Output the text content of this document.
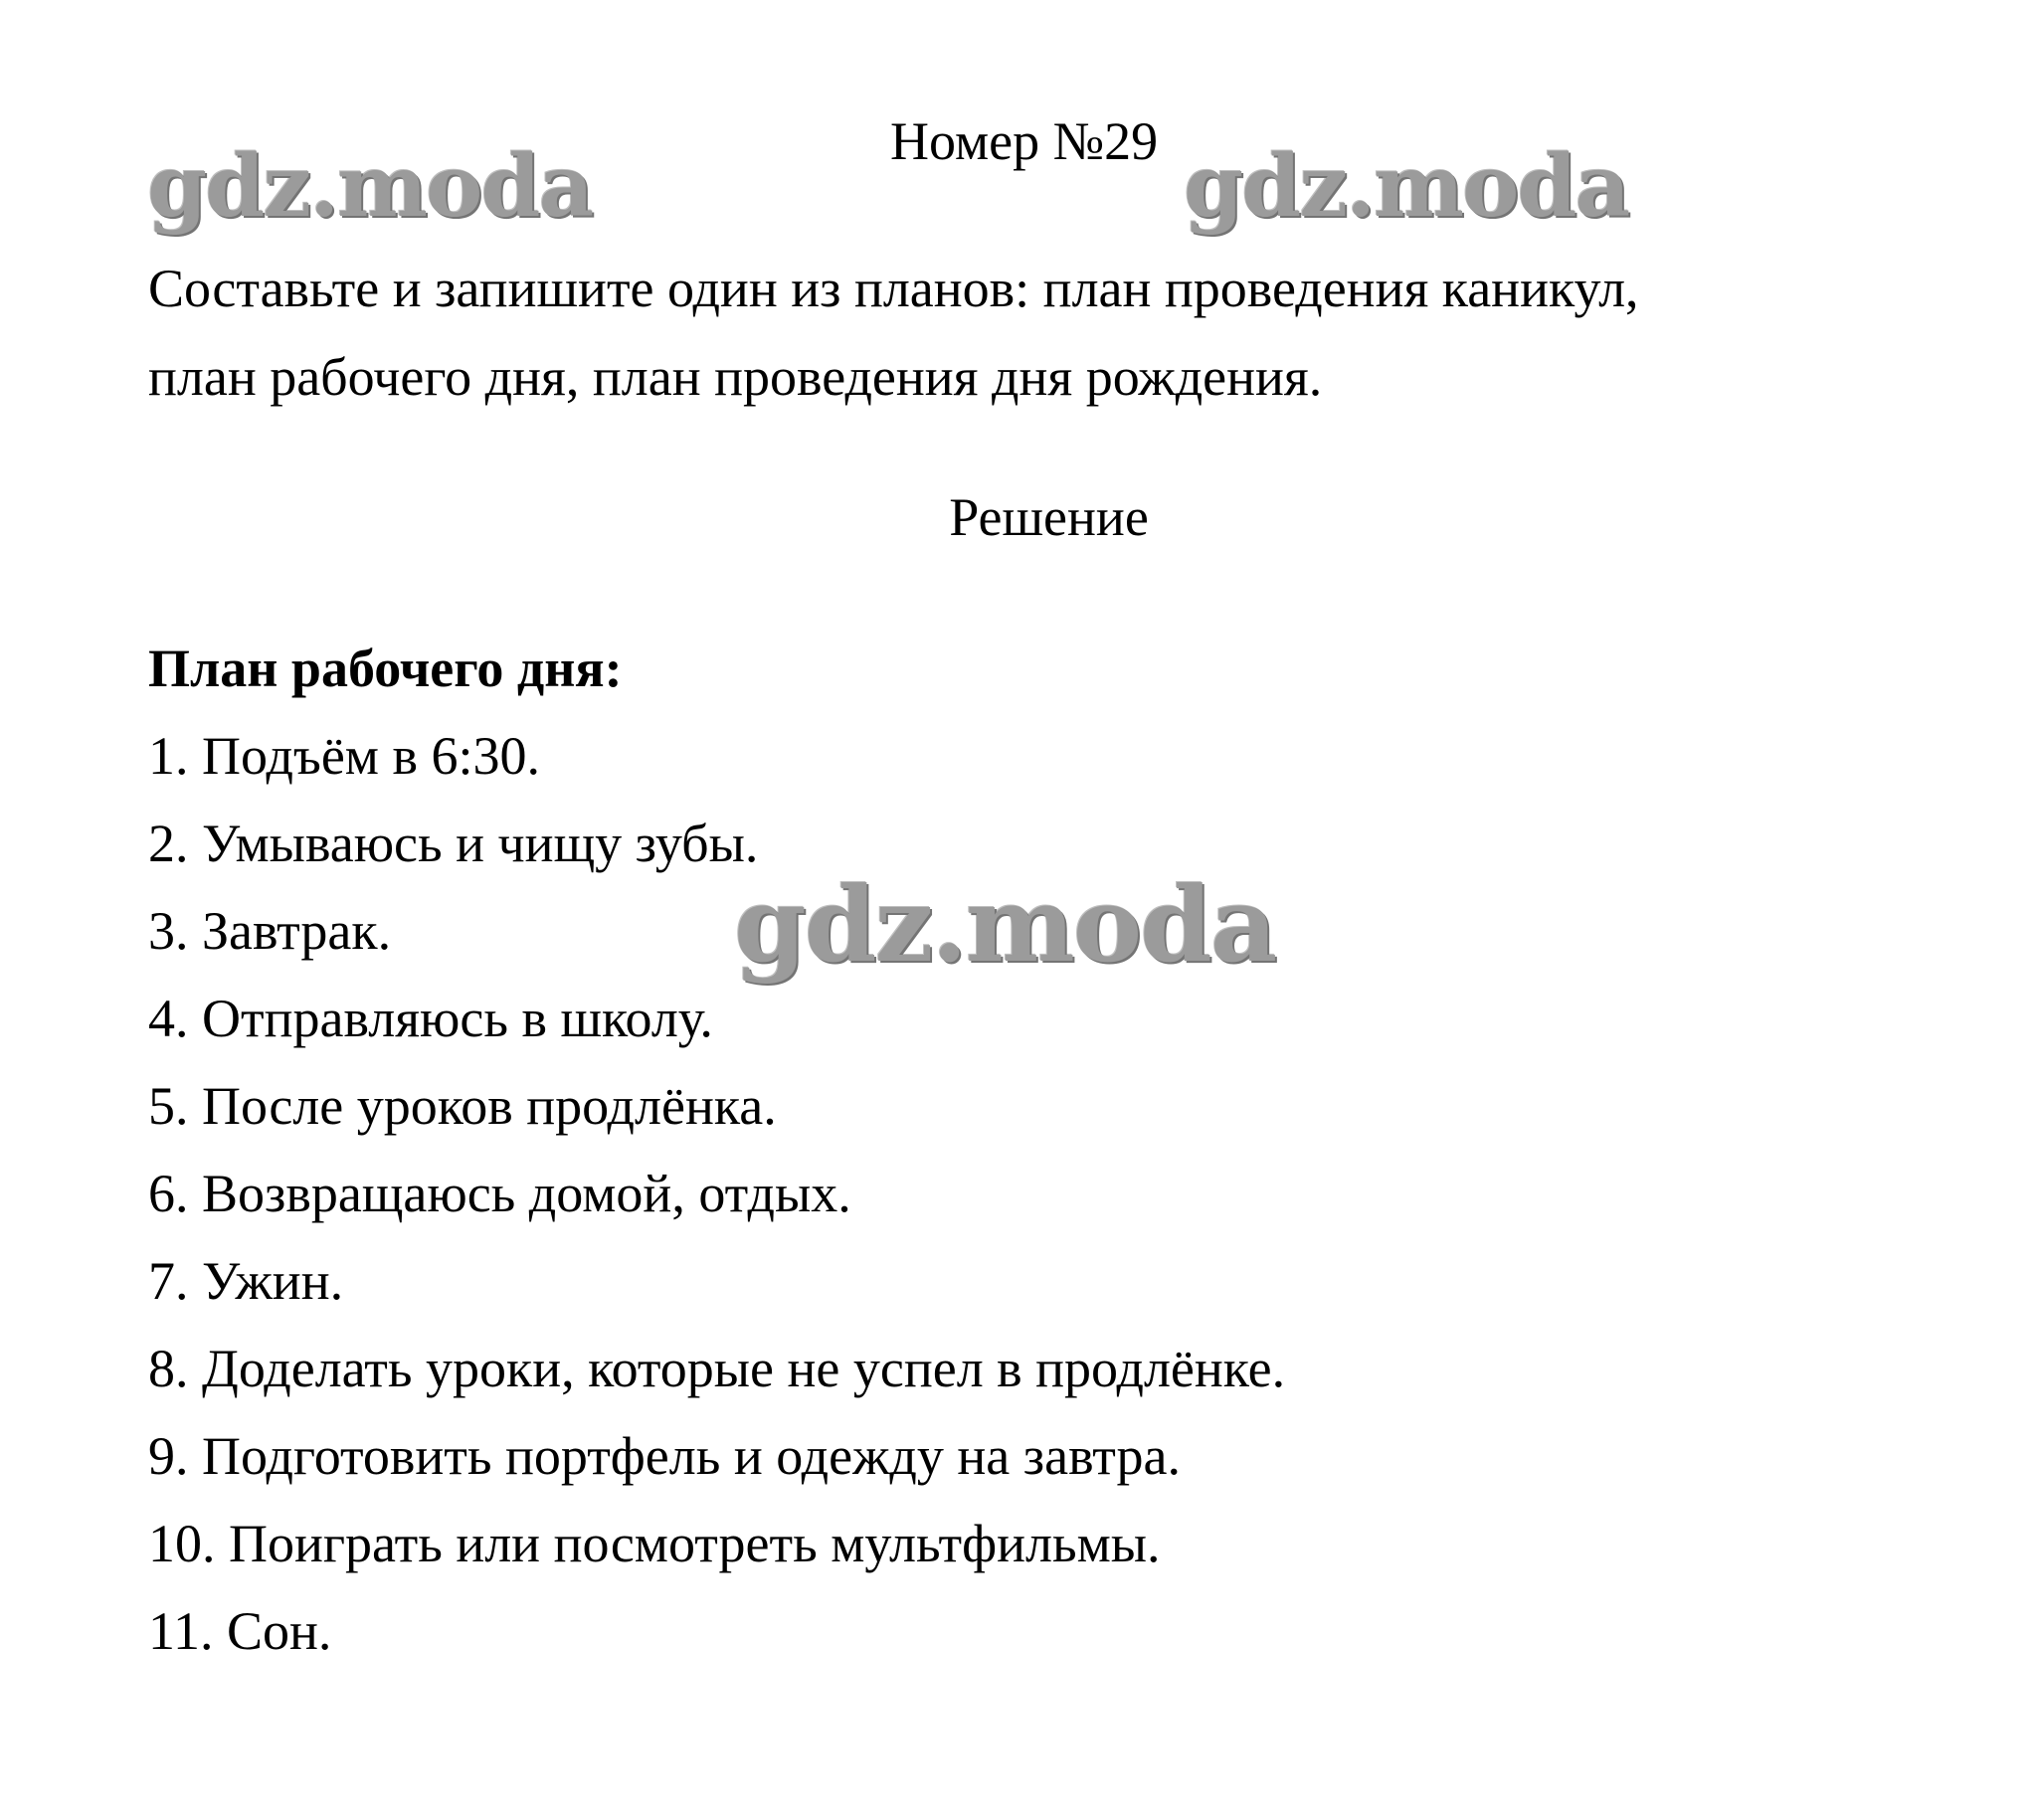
Номер №29
Составьте и запишите один из планов: план проведения каникул,
план рабочего дня, план проведения дня рождения.
Решение
План рабочего дня:
1. Подъём в 6:30.
2. Умываюсь и чищу зубы.
3. Завтрак.
4. Отправляюсь в школу.
5. После уроков продлёнка.
6. Возвращаюсь домой, отдых.
7. Ужин.
8. Доделать уроки, которые не успел в продлёнке.
9. Подготовить портфель и одежду на завтра.
10. Поиграть или посмотреть мультфильмы.
11. Сон.
gdz.moda	gdz.moda
gdz.moda
